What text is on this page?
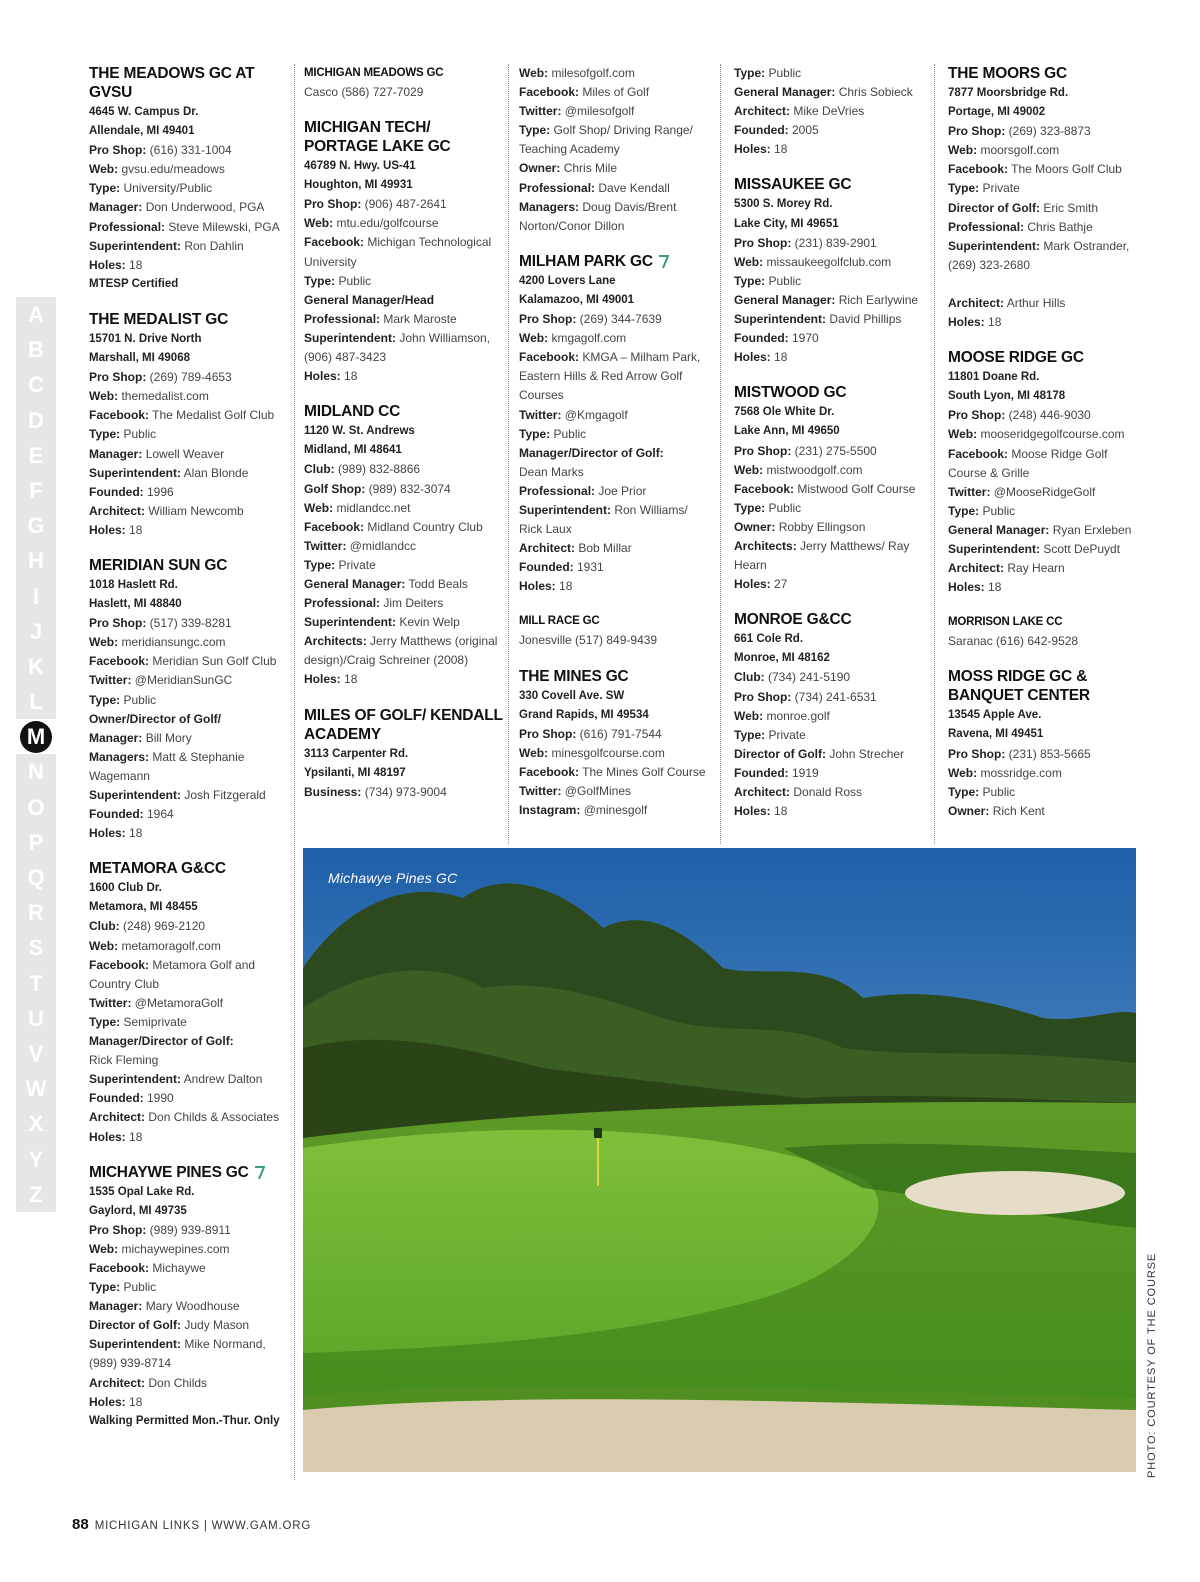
A
B
C
D
E
F
G
H
I
J
K
L
M
N
O
P
Q
R
S
T
U
V
W
X
Y
Z
THE MEADOWS GC AT GVSU
4645 W. Campus Dr.
Allendale, MI 49401
Pro Shop: (616) 331-1004
Web: gvsu.edu/meadows
Type: University/Public
Manager: Don Underwood, PGA
Professional: Steve Milewski, PGA
Superintendent: Ron Dahlin
Holes: 18
MTESP Certified
THE MEDALIST GC
15701 N. Drive North
Marshall, MI 49068
Pro Shop: (269) 789-4653
Web: themedalist.com
Facebook: The Medalist Golf Club
Type: Public
Manager: Lowell Weaver
Superintendent: Alan Blonde
Founded: 1996
Architect: William Newcomb
Holes: 18
MERIDIAN SUN GC
1018 Haslett Rd.
Haslett, MI 48840
Pro Shop: (517) 339-8281
Web: meridiansungc.com
Facebook: Meridian Sun Golf Club
Twitter: @MeridianSunGC
Type: Public
Owner/Director of Golf/
Manager: Bill Mory
Managers: Matt & Stephanie Wagemann
Superintendent: Josh Fitzgerald
Founded: 1964
Holes: 18
METAMORA G&CC
1600 Club Dr.
Metamora, MI 48455
Club: (248) 969-2120
Web: metamoragolf.com
Facebook: Metamora Golf and Country Club
Twitter: @MetamoraGolf
Type: Semiprivate
Manager/Director of Golf:
Rick Fleming
Superintendent: Andrew Dalton
Founded: 1990
Architect: Don Childs & Associates
Holes: 18
MICHAYWE PINES GC
1535 Opal Lake Rd.
Gaylord, MI 49735
Pro Shop: (989) 939-8911
Web: michaywepines.com
Facebook: Michaywe
Type: Public
Manager: Mary Woodhouse
Director of Golf: Judy Mason
Superintendent: Mike Normand, (989) 939-8714
Architect: Don Childs
Holes: 18
Walking Permitted Mon.-Thur. Only
MICHIGAN MEADOWS GC
Casco (586) 727-7029
MICHIGAN TECH/ PORTAGE LAKE GC
46789 N. Hwy. US-41
Houghton, MI 49931
Pro Shop: (906) 487-2641
Web: mtu.edu/golfcourse
Facebook: Michigan Technological University
Type: Public
General Manager/Head Professional: Mark Maroste
Superintendent: John Williamson, (906) 487-3423
Holes: 18
MIDLAND CC
1120 W. St. Andrews
Midland, MI 48641
Club: (989) 832-8866
Golf Shop: (989) 832-3074
Web: midlandcc.net
Facebook: Midland Country Club
Twitter: @midlandcc
Type: Private
General Manager: Todd Beals
Professional: Jim Deiters
Superintendent: Kevin Welp
Architects: Jerry Matthews (original design)/Craig Schreiner (2008)
Holes: 18
MILES OF GOLF/ KENDALL ACADEMY
3113 Carpenter Rd.
Ypsilanti, MI 48197
Business: (734) 973-9004
Web: milesofgolf.com
Facebook: Miles of Golf
Twitter: @milesofgolf
Type: Golf Shop/ Driving Range/ Teaching Academy
Owner: Chris Mile
Professional: Dave Kendall
Managers: Doug Davis/Brent Norton/Conor Dillon
MILHAM PARK GC
4200 Lovers Lane
Kalamazoo, MI 49001
Pro Shop: (269) 344-7639
Web: kmgagolf.com
Facebook: KMGA – Milham Park, Eastern Hills & Red Arrow Golf Courses
Twitter: @Kmgagolf
Type: Public
Manager/Director of Golf:
Dean Marks
Professional: Joe Prior
Superintendent: Ron Williams/ Rick Laux
Architect: Bob Millar
Founded: 1931
Holes: 18
MILL RACE GC
Jonesville (517) 849-9439
THE MINES GC
330 Covell Ave. SW
Grand Rapids, MI 49534
Pro Shop: (616) 791-7544
Web: minesgolfcourse.com
Facebook: The Mines Golf Course
Twitter: @GolfMines
Instagram: @minesgolf
Type: Public
General Manager: Chris Sobieck
Architect: Mike DeVries
Founded: 2005
Holes: 18
MISSAUKEE GC
5300 S. Morey Rd.
Lake City, MI 49651
Pro Shop: (231) 839-2901
Web: missaukeegolfclub.com
Type: Public
General Manager: Rich Earlywine
Superintendent: David Phillips
Founded: 1970
Holes: 18
MISTWOOD GC
7568 Ole White Dr.
Lake Ann, MI 49650
Pro Shop: (231) 275-5500
Web: mistwoodgolf.com
Facebook: Mistwood Golf Course
Type: Public
Owner: Robby Ellingson
Architects: Jerry Matthews/ Ray Hearn
Holes: 27
MONROE G&CC
661 Cole Rd.
Monroe, MI 48162
Club: (734) 241-5190
Pro Shop: (734) 241-6531
Web: monroe.golf
Type: Private
Director of Golf: John Strecher
Founded: 1919
Architect: Donald Ross
Holes: 18
THE MOORS GC
7877 Moorsbridge Rd.
Portage, MI 49002
Pro Shop: (269) 323-8873
Web: moorsgolf.com
Facebook: The Moors Golf Club
Type: Private
Director of Golf: Eric Smith
Professional: Chris Bathje
Superintendent: Mark Ostrander, (269) 323-2680
Architect: Arthur Hills
Holes: 18
MOOSE RIDGE GC
11801 Doane Rd.
South Lyon, MI 48178
Pro Shop: (248) 446-9030
Web: mooseridgegolfcourse.com
Facebook: Moose Ridge Golf Course & Grille
Twitter: @MooseRidgeGolf
Type: Public
General Manager: Ryan Erxleben
Superintendent: Scott DePuydt
Architect: Ray Hearn
Holes: 18
MORRISON LAKE CC
Saranac (616) 642-9528
MOSS RIDGE GC & BANQUET CENTER
13545 Apple Ave.
Ravena, MI 49451
Pro Shop: (231) 853-5665
Web: mossridge.com
Type: Public
Owner: Rich Kent
Michawye Pines GC
PHOTO: COURTESY OF THE COURSE
88 MICHIGAN LINKS | WWW.GAM.ORG
